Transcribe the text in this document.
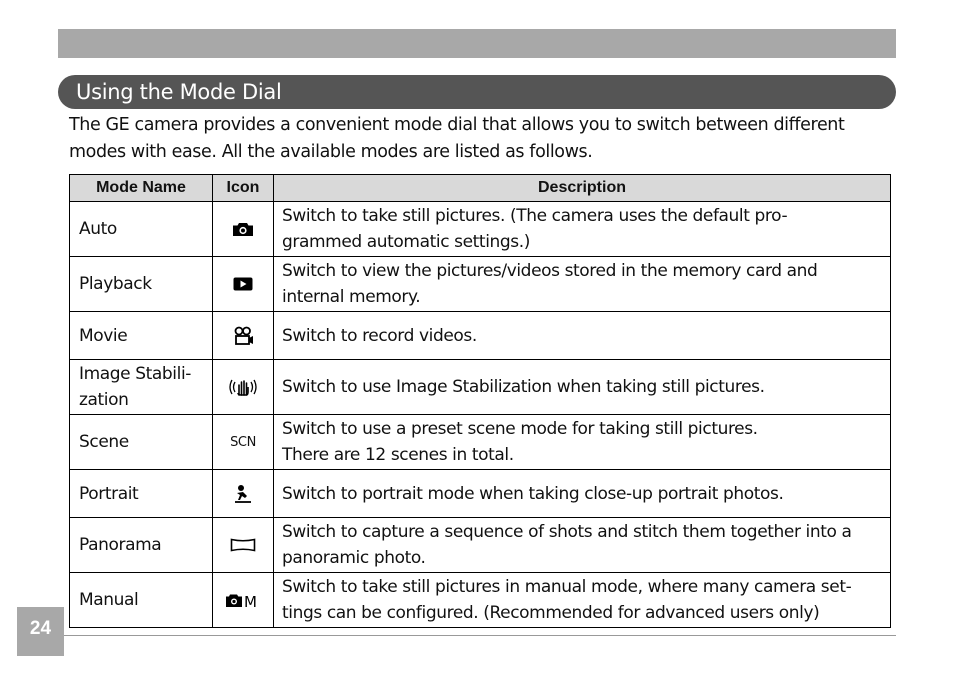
Using the Mode Dial

The GE camera provides a convenient mode dial that allows you to switch between different

modes with ease. All the available modes are listed as follows.

Mode Name	Icon	Description
Auto		Switch to take still pictures. (The camera uses the default pro-
grammed automatic settings.)

Playback		Switch to view the pictures/videos stored in the memory card and
internal memory.

Movie		Switch to record videos.

Image Stabili-
zation		Switch to use Image Stabilization when taking still pictures.
Scene	SCN	Switch to use a preset scene mode for taking still pictures.
There are 12 scenes in total.

Portrait		Switch to portrait mode when taking close-up portrait photos.
Panorama		Switch to capture a sequence of shots and stitch them together into a
panoramic photo.

Manual	M	Switch to take still pictures in manual mode, where many camera set-
tings can be configured. (Recommended for advanced users only)
24
